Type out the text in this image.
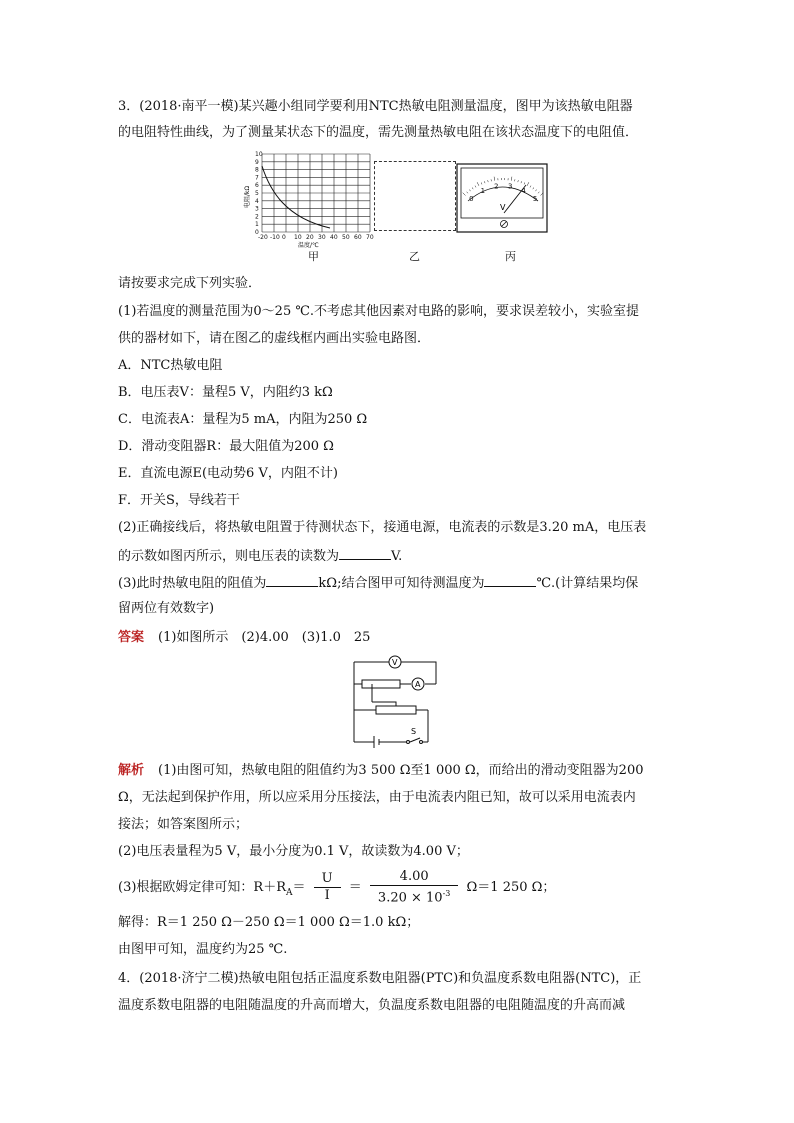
3．(2018·南平一模)某兴趣小组同学要利用NTC热敏电阻测量温度，图甲为该热敏电阻器
的电阻特性曲线，为了测量某状态下的温度，需先测量热敏电阻在该状态温度下的电阻值．
-20 -10 0 10 20 30 40 50 60 70
10
9
8
7
6
5
4
3
2
1
0
电阻/kΩ
温度/℃
甲	乙
0
1
2 3
4
5
V
丙
请按要求完成下列实验．
(1)若温度的测量范围为0～25 ℃.不考虑其他因素对电路的影响，要求误差较小，实验室提
供的器材如下，请在图乙的虚线框内画出实验电路图．
A．NTC热敏电阻
B．电压表V：量程5 V，内阻约3 kΩ
C．电流表A：量程为5 mA，内阻为250 Ω
D．滑动变阻器R：最大阻值为200 Ω
E．直流电源E(电动势6 V，内阻不计)
F．开关S，导线若干
(2)正确接线后，将热敏电阻置于待测状态下，接通电源，电流表的示数是3.20 mA，电压表
的示数如图丙所示，则电压表的读数为	V.
(3)此时热敏电阻的阻值为	kΩ;结合图甲可知待测温度为	℃.(计算结果均保
留两位有效数字)
答案 (1)如图所示　(2)4.00　(3)1.0　25
V
A
S
解析 (1)由图可知，热敏电阻的阻值约为3 500 Ω至1 000 Ω，而给出的滑动变阻器为200
Ω，无法起到保护作用，所以应采用分压接法，由于电流表内阻已知，故可以采用电流表内
接法；如答案图所示；
(2)电压表量程为5 V，最小分度为0.1 V，故读数为4.00 V；
(3)根据欧姆定律可知：$R+R_A= \frac{U}{I} = \frac{4.00}{3.20 \times 10^{-3}} \Omega=1$ 250 Ω；
解得：R＝1 250 Ω－250 Ω＝1 000 Ω＝1.0 kΩ；
由图甲可知，温度约为25 ℃.
4．(2018·济宁二模)热敏电阻包括正温度系数电阻器(PTC)和负温度系数电阻器(NTC)，正
温度系数电阻器的电阻随温度的升高而增大，负温度系数电阻器的电阻随温度的升高而减
